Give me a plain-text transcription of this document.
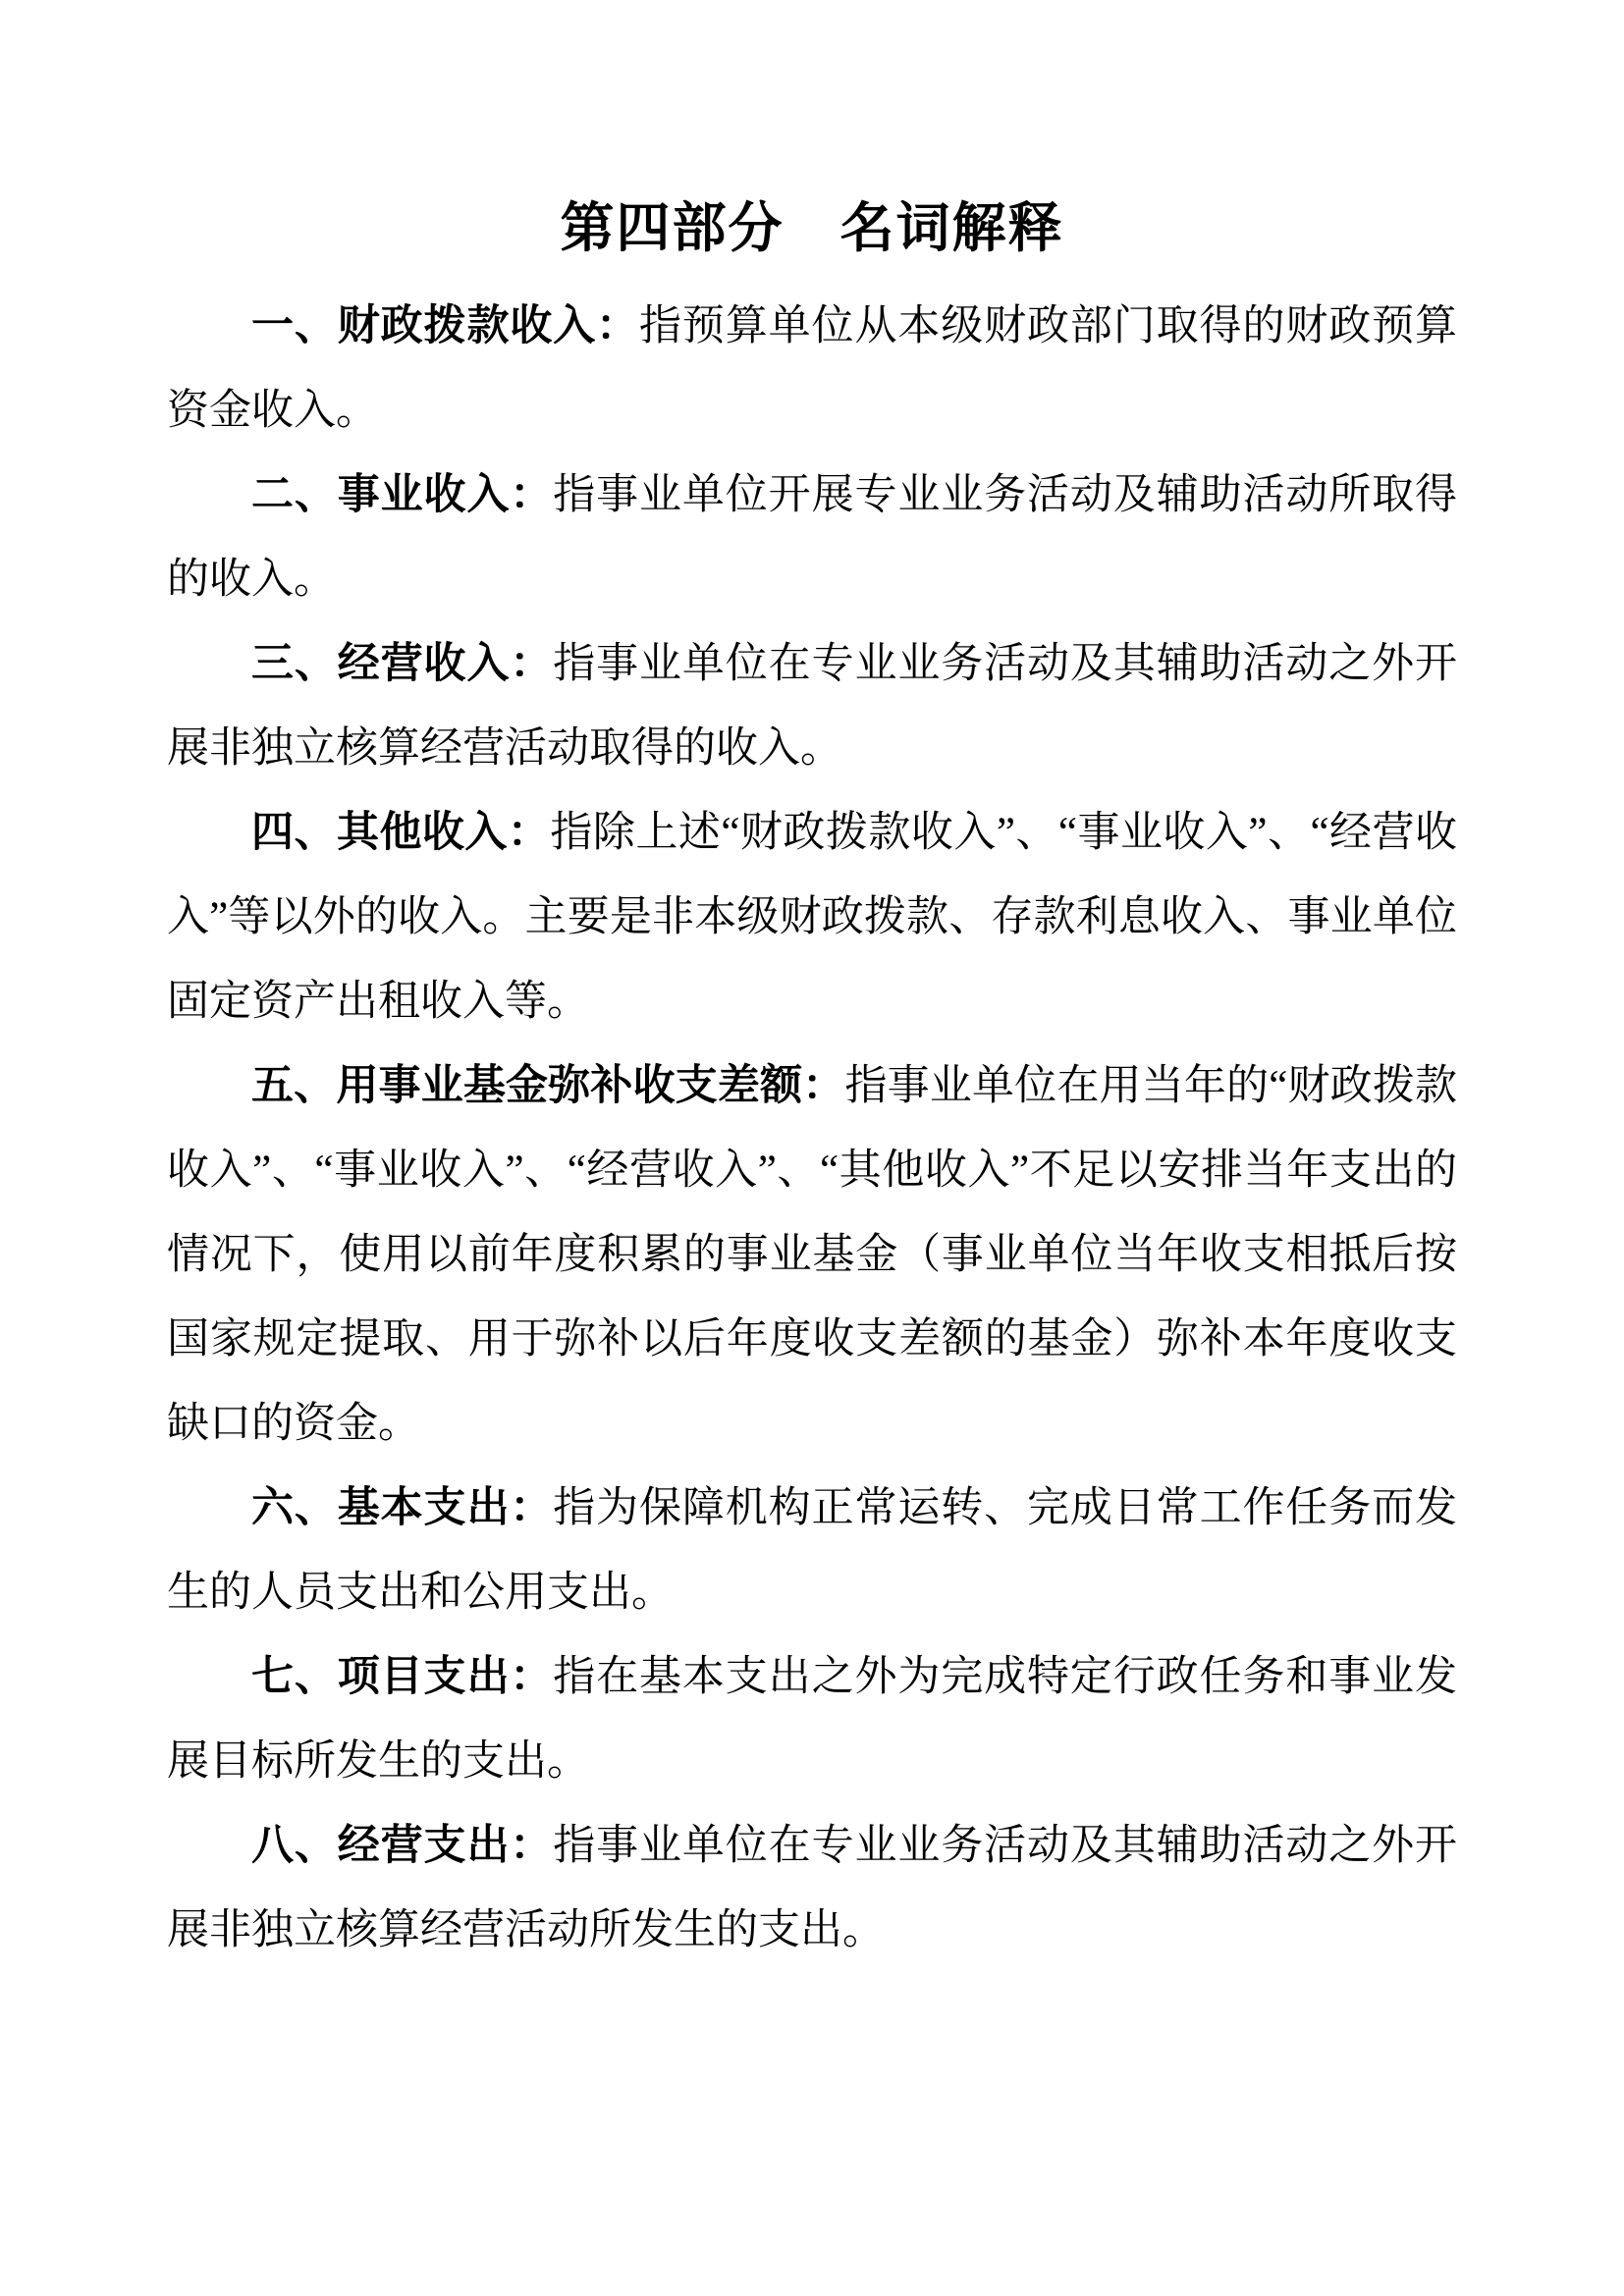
第四部分　名词解释

一、财政拨款收入：指预算单位从本级财政部门取得的财政预算资金收入。

二、事业收入：指事业单位开展专业业务活动及辅助活动所取得的收入。

三、经营收入：指事业单位在专业业务活动及其辅助活动之外开展非独立核算经营活动取得的收入。

四、其他收入：指除上述“财政拨款收入”、“事业收入”、“经营收入”等以外的收入。主要是非本级财政拨款、存款利息收入、事业单位固定资产出租收入等。

五、用事业基金弥补收支差额：指事业单位在用当年的“财政拨款收入”、“事业收入”、“经营收入”、“其他收入”不足以安排当年支出的情况下，使用以前年度积累的事业基金（事业单位当年收支相抵后按国家规定提取、用于弥补以后年度收支差额的基金）弥补本年度收支缺口的资金。

六、基本支出：指为保障机构正常运转、完成日常工作任务而发生的人员支出和公用支出。

七、项目支出：指在基本支出之外为完成特定行政任务和事业发展目标所发生的支出。

八、经营支出：指事业单位在专业业务活动及其辅助活动之外开展非独立核算经营活动所发生的支出。
